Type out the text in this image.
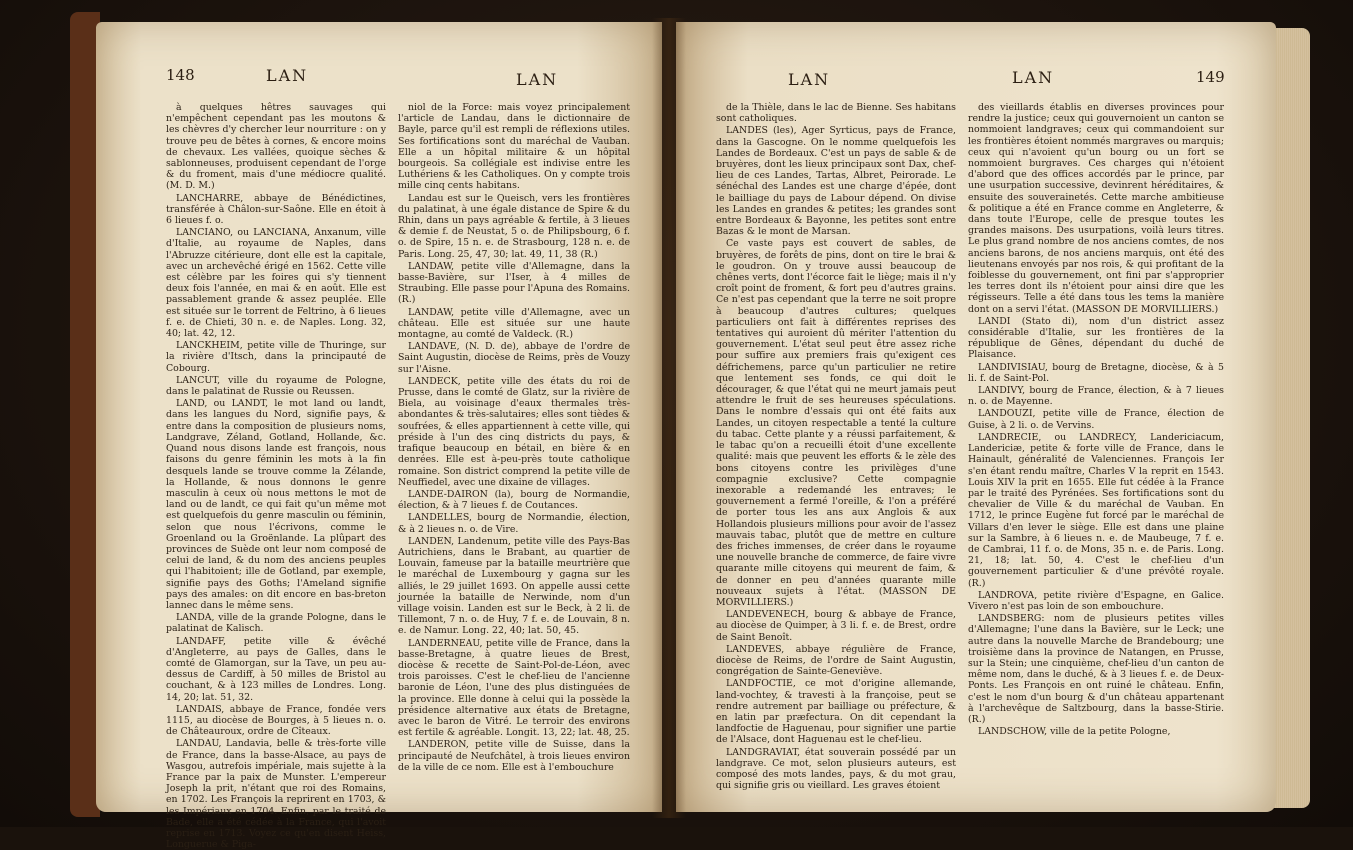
148	LAN	LAN

à quelques hêtres sauvages qui n'empêchent cependant pas les moutons & les chèvres d'y chercher leur nourriture : on y trouve peu de bêtes à cornes, & encore moins de chevaux. Les vallées, quoique sèches & sablonneuses, produisent cependant de l'orge & du froment, mais d'une médiocre qualité. (M. D. M.)

LANCHARRE, abbaye de Bénédictines, transférée à Châlon-sur-Saône. Elle en étoit à 6 lieues f. o.

LANCIANO, ou LANCIANA, Anxanum, ville d'Italie, au royaume de Naples, dans l'Abruzze citérieure, dont elle est la capitale, avec un archevêché érigé en 1562. Cette ville est célèbre par les foires qui s'y tiennent deux fois l'année, en mai & en août. Elle est passablement grande & assez peuplée. Elle est située sur le torrent de Feltrino, à 6 lieues f. e. de Chieti, 30 n. e. de Naples. Long. 32, 40; lat. 42, 12.

LANCKHEIM, petite ville de Thuringe, sur la rivière d'Itsch, dans la principauté de Cobourg.

LANCUT, ville du royaume de Pologne, dans le palatinat de Russie ou Reussen.

LAND, ou LANDT, le mot land ou landt, dans les langues du Nord, signifie pays, & entre dans la composition de plusieurs noms, Landgrave, Zéland, Gotland, Hollande, &c. Quand nous disons lande est françois, nous faisons du genre féminin les mots à la fin desquels lande se trouve comme la Zélande, la Hollande, & nous donnons le genre masculin à ceux où nous mettons le mot de land ou de landt, ce qui fait qu'un même mot est quelquefois du genre masculin ou féminin, selon que nous l'écrivons, comme le Groenland ou la Groënlande. La plûpart des provinces de Suède ont leur nom composé de celui de land, & du nom des anciens peuples qui l'habitoient; ille de Gotland, par exemple, signifie pays des Goths; l'Ameland signifie pays des amales: on dit encore en bas-breton lannec dans le même sens.

LANDA, ville de la grande Pologne, dans le palatinat de Kalisch.

LANDAFF, petite ville & évêché d'Angleterre, au pays de Galles, dans le comté de Glamorgan, sur la Tave, un peu au-dessus de Cardiff, à 50 milles de Bristol au couchant, & à 123 milles de Londres. Long. 14, 20; lat. 51, 32.

LANDAIS, abbaye de France, fondée vers 1115, au diocèse de Bourges, à 5 lieues n. o. de Châteauroux, ordre de Cîteaux.

LANDAU, Landavia, belle & très-forte ville de France, dans la basse-Alsace, au pays de Wasgou, autrefois impériale, mais sujette à la France par la paix de Munster. L'empereur Joseph la prit, n'étant que roi des Romains, en 1702. Les François la reprirent en 1703, & les Impériaux en 1704. Enfin, par le traité de Bade, elle a été cédée à la France, qui l'avoit reprise en 1713. Voyez ce qu'en disent Heiss, Longuerue & Piga-

niol de la Force: mais voyez principalement l'article de Landau, dans le dictionnaire de Bayle, parce qu'il est rempli de réflexions utiles. Ses fortifications sont du maréchal de Vauban. Elle a un hôpital militaire & un hôpital bourgeois. Sa collégiale est indivise entre les Luthériens & les Catholiques. On y compte trois mille cinq cents habitans.

Landau est sur le Queisch, vers les frontières du palatinat, à une égale distance de Spire & du Rhin, dans un pays agréable & fertile, à 3 lieues & demie f. de Neustat, 5 o. de Philipsbourg, 6 f. o. de Spire, 15 n. e. de Strasbourg, 128 n. e. de Paris. Long. 25, 47, 30; lat. 49, 11, 38 (R.)

LANDAW, petite ville d'Allemagne, dans la basse-Bavière, sur l'Iser, à 4 milles de Straubing. Elle passe pour l'Apuna des Romains. (R.)

LANDAW, petite ville d'Allemagne, avec un château. Elle est située sur une haute montagne, au comté de Valdeck. (R.)

LANDAVE, (N. D. de), abbaye de l'ordre de Saint Augustin, diocèse de Reims, près de Vouzy sur l'Aisne.

LANDECK, petite ville des états du roi de Prusse, dans le comté de Glatz, sur la rivière de Biela, au voisinage d'eaux thermales très-abondantes & très-salutaires; elles sont tièdes & soufrées, & elles appartiennent à cette ville, qui préside à l'un des cinq districts du pays, & trafique beaucoup en bétail, en bière & en denrées. Elle est à-peu-près toute catholique romaine. Son district comprend la petite ville de Neuffiedel, avec une dixaine de villages.

LANDE-DAIRON (la), bourg de Normandie, élection, & à 7 lieues f. de Coutances.

LANDELLES, bourg de Normandie, élection, & à 2 lieues n. o. de Vire.

LANDEN, Landenum, petite ville des Pays-Bas Autrichiens, dans le Brabant, au quartier de Louvain, fameuse par la bataille meurtrière que le maréchal de Luxembourg y gagna sur les alliés, le 29 juillet 1693. On appelle aussi cette journée la bataille de Nerwinde, nom d'un village voisin. Landen est sur le Beck, à 2 li. de Tillemont, 7 n. o. de Huy, 7 f. e. de Louvain, 8 n. e. de Namur. Long. 22, 40; lat. 50, 45.

LANDERNEAU, petite ville de France, dans la basse-Bretagne, à quatre lieues de Brest, diocèse & recette de Saint-Pol-de-Léon, avec trois paroisses. C'est le chef-lieu de l'ancienne baronie de Léon, l'une des plus distinguées de la province. Elle donne à celui qui la possède la présidence alternative aux états de Bretagne, avec le baron de Vitré. Le terroir des environs est fertile & agréable. Longit. 13, 22; lat. 48, 25.

LANDERON, petite ville de Suisse, dans la principauté de Neufchâtel, à trois lieues environ de la ville de ce nom. Elle est à l'embouchure

LAN	LAN	149

de la Thièle, dans le lac de Bienne. Ses habitans sont catholiques.

LANDES (les), Ager Syrticus, pays de France, dans la Gascogne. On le nomme quelquefois les Landes de Bordeaux. C'est un pays de sable & de bruyères, dont les lieux principaux sont Dax, chef-lieu de ces Landes, Tartas, Albret, Peirorade. Le sénéchal des Landes est une charge d'épée, dont le bailliage du pays de Labour dépend. On divise les Landes en grandes & petites; les grandes sont entre Bordeaux & Bayonne, les petites sont entre Bazas & le mont de Marsan.

Ce vaste pays est couvert de sables, de bruyères, de forêts de pins, dont on tire le brai & le goudron. On y trouve aussi beaucoup de chênes verts, dont l'écorce fait le liège; mais il n'y croît point de froment, & fort peu d'autres grains. Ce n'est pas cependant que la terre ne soit propre à beaucoup d'autres cultures; quelques particuliers ont fait à différentes reprises des tentatives qui auroient dû mériter l'attention du gouvernement. L'état seul peut être assez riche pour suffire aux premiers frais qu'exigent ces défrichemens, parce qu'un particulier ne retire que lentement ses fonds, ce qui doit le décourager, & que l'état qui ne meurt jamais peut attendre le fruit de ses heureuses spéculations. Dans le nombre d'essais qui ont été faits aux Landes, un citoyen respectable a tenté la culture du tabac. Cette plante y a réussi parfaitement, & le tabac qu'on a recueilli étoit d'une excellente qualité: mais que peuvent les efforts & le zèle des bons citoyens contre les privilèges d'une compagnie exclusive? Cette compagnie inexorable a redemandé les entraves; le gouvernement a fermé l'oreille, & l'on a préféré de porter tous les ans aux Anglois & aux Hollandois plusieurs millions pour avoir de l'assez mauvais tabac, plutôt que de mettre en culture des friches immenses, de créer dans le royaume une nouvelle branche de commerce, de faire vivre quarante mille citoyens qui meurent de faim, & de donner en peu d'années quarante mille nouveaux sujets à l'état. (MASSON DE MORVILLIERS.)

LANDEVENECH, bourg & abbaye de France, au diocèse de Quimper, à 3 li. f. e. de Brest, ordre de Saint Benoît.

LANDEVES, abbaye régulière de France, diocèse de Reims, de l'ordre de Saint Augustin, congrégation de Sainte-Geneviève.

LANDFOCTIE, ce mot d'origine allemande, land-vochtey, & travesti à la françoise, peut se rendre autrement par bailliage ou préfecture, & en latin par præfectura. On dit cependant la landfoctie de Haguenau, pour signifier une partie de l'Alsace, dont Haguenau est le chef-lieu.

LANDGRAVIAT, état souverain possédé par un landgrave. Ce mot, selon plusieurs auteurs, est composé des mots landes, pays, & du mot grau, qui signifie gris ou vieillard. Les graves étoient

des vieillards établis en diverses provinces pour rendre la justice; ceux qui gouvernoient un canton se nommoient landgraves; ceux qui commandoient sur les frontières étoient nommés margraves ou marquis; ceux qui n'avoient qu'un bourg ou un fort se nommoient burgraves. Ces charges qui n'étoient d'abord que des offices accordés par le prince, par une usurpation successive, devinrent héréditaires, & ensuite des souverainetés. Cette marche ambitieuse & politique a été en France comme en Angleterre, & dans toute l'Europe, celle de presque toutes les grandes maisons. Des usurpations, voilà leurs titres. Le plus grand nombre de nos anciens comtes, de nos anciens barons, de nos anciens marquis, ont été des lieutenans envoyés par nos rois, & qui profitant de la foiblesse du gouvernement, ont fini par s'approprier les terres dont ils n'étoient pour ainsi dire que les régisseurs. Telle a été dans tous les tems la manière dont on a servi l'état. (MASSON DE MORVILLIERS.)

LANDI (Stato di), nom d'un district assez considérable d'Italie, sur les frontières de la république de Gênes, dépendant du duché de Plaisance.

LANDIVISIAU, bourg de Bretagne, diocèse, & à 5 li. f. de Saint-Pol.

LANDIVY, bourg de France, élection, & à 7 lieues n. o. de Mayenne.

LANDOUZI, petite ville de France, élection de Guise, à 2 li. o. de Vervins.

LANDRECIE, ou LANDRECY, Landericiacum, Landericiæ, petite & forte ville de France, dans le Hainault, généralité de Valenciennes. François Ier s'en étant rendu maître, Charles V la reprit en 1543. Louis XIV la prit en 1655. Elle fut cédée à la France par le traité des Pyrénées. Ses fortifications sont du chevalier de Ville & du maréchal de Vauban. En 1712, le prince Eugène fut forcé par le maréchal de Villars d'en lever le siège. Elle est dans une plaine sur la Sambre, à 6 lieues n. e. de Maubeuge, 7 f. e. de Cambrai, 11 f. o. de Mons, 35 n. e. de Paris. Long. 21, 18; lat. 50, 4. C'est le chef-lieu d'un gouvernement particulier & d'une prévôté royale. (R.)

LANDROVA, petite rivière d'Espagne, en Galice. Vivero n'est pas loin de son embouchure.

LANDSBERG: nom de plusieurs petites villes d'Allemagne; l'une dans la Bavière, sur le Leck; une autre dans la nouvelle Marche de Brandebourg; une troisième dans la province de Natangen, en Prusse, sur la Stein; une cinquième, chef-lieu d'un canton de même nom, dans le duché, & à 3 lieues f. e. de Deux-Ponts. Les François en ont ruiné le château. Enfin, c'est le nom d'un bourg & d'un château appartenant à l'archevêque de Saltzbourg, dans la basse-Stirie. (R.)

LANDSCHOW, ville de la petite Pologne,
